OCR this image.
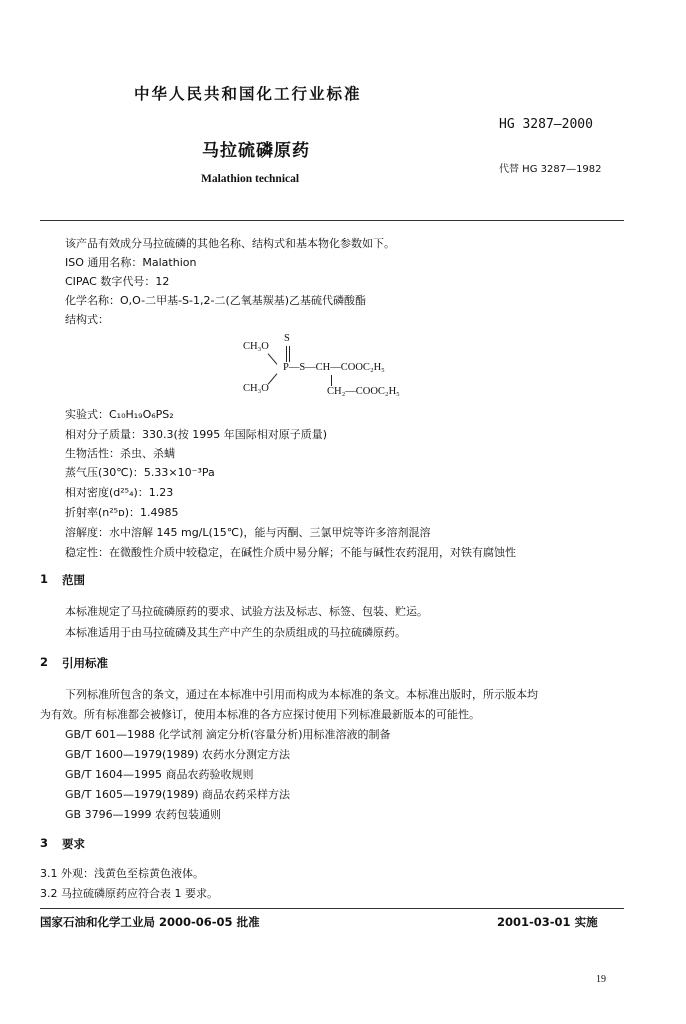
中华人民共和国化工行业标准
HG 3287—2000
马拉硫磷原药
代替 HG 3287—1982
Malathion technical
该产品有效成分马拉硫磷的其他名称、结构式和基本物化参数如下。
ISO 通用名称：Malathion
CIPAC 数字代号：12
化学名称：O,O-二甲基-S-1,2-二(乙氧基羰基)乙基硫代磷酸酯
结构式：
S
CH₃O
P—S—CH—COOC₂H₅
CH₃O	CH₂—COOC₂H₅
实验式：C₁₀H₁₉O₆PS₂
相对分子质量：330.3(按 1995 年国际相对原子质量)
生物活性：杀虫、杀螨
蒸气压(30℃)：5.33×10⁻³Pa
相对密度(d²⁵₄)：1.23
折射率(n²⁵ᴅ)：1.4985
溶解度：水中溶解 145 mg/L(15℃)，能与丙酮、三氯甲烷等许多溶剂混溶
稳定性：在微酸性介质中较稳定，在碱性介质中易分解；不能与碱性农药混用，对铁有腐蚀性
1 范围
本标准规定了马拉硫磷原药的要求、试验方法及标志、标签、包装、贮运。
本标准适用于由马拉硫磷及其生产中产生的杂质组成的马拉硫磷原药。
2 引用标准
下列标准所包含的条文，通过在本标准中引用而构成为本标准的条文。本标准出版时，所示版本均
为有效。所有标准都会被修订，使用本标准的各方应探讨使用下列标准最新版本的可能性。
GB/T 601—1988 化学试剂 滴定分析(容量分析)用标准溶液的制备
GB/T 1600—1979(1989) 农药水分测定方法
GB/T 1604—1995 商品农药验收规则
GB/T 1605—1979(1989) 商品农药采样方法
GB 3796—1999 农药包装通则
3 要求
3.1 外观：浅黄色至棕黄色液体。
3.2 马拉硫磷原药应符合表 1 要求。
国家石油和化学工业局 2000-06-05 批准	2001-03-01 实施
19
